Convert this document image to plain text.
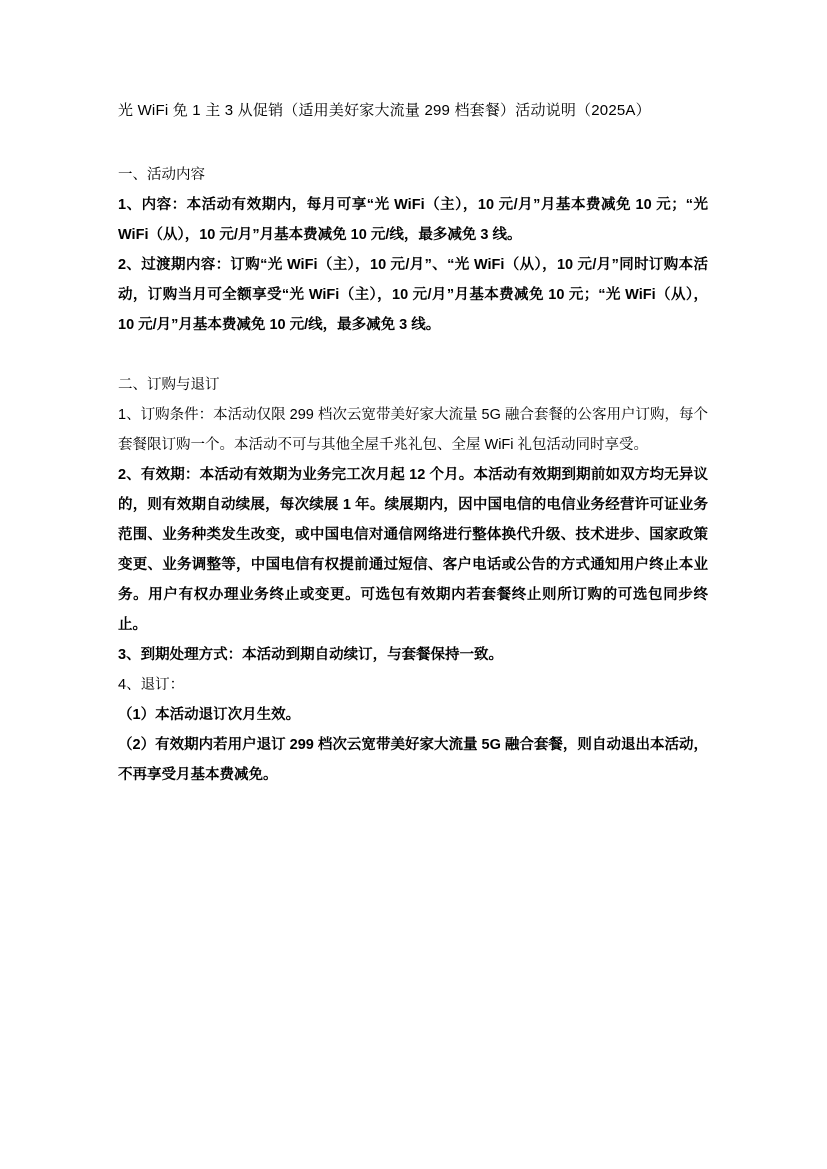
光 WiFi 免 1 主 3 从促销（适用美好家大流量 299 档套餐）活动说明（2025A）
一、活动内容

1、内容：本活动有效期内，每月可享“光 WiFi（主），10 元/月”月基本费减免 10 元；“光 WiFi（从），10 元/月”月基本费减免 10 元/线，最多减免 3 线。

2、过渡期内容：订购“光 WiFi（主），10 元/月”、“光 WiFi（从），10 元/月”同时订购本活动，订购当月可全额享受“光 WiFi（主），10 元/月”月基本费减免 10 元；“光 WiFi（从），10 元/月”月基本费减免 10 元/线，最多减免 3 线。

二、订购与退订

1、订购条件：本活动仅限 299 档次云宽带美好家大流量 5G 融合套餐的公客用户订购，每个套餐限订购一个。本活动不可与其他全屋千兆礼包、全屋 WiFi 礼包活动同时享受。

2、有效期：本活动有效期为业务完工次月起 12 个月。本活动有效期到期前如双方均无异议的，则有效期自动续展，每次续展 1 年。续展期内，因中国电信的电信业务经营许可证业务范围、业务种类发生改变，或中国电信对通信网络进行整体换代升级、技术进步、国家政策变更、业务调整等，中国电信有权提前通过短信、客户电话或公告的方式通知用户终止本业务。用户有权办理业务终止或变更。可选包有效期内若套餐终止则所订购的可选包同步终止。

3、到期处理方式：本活动到期自动续订，与套餐保持一致。

4、退订：

（1）本活动退订次月生效。

（2）有效期内若用户退订 299 档次云宽带美好家大流量 5G 融合套餐，则自动退出本活动，不再享受月基本费减免。
